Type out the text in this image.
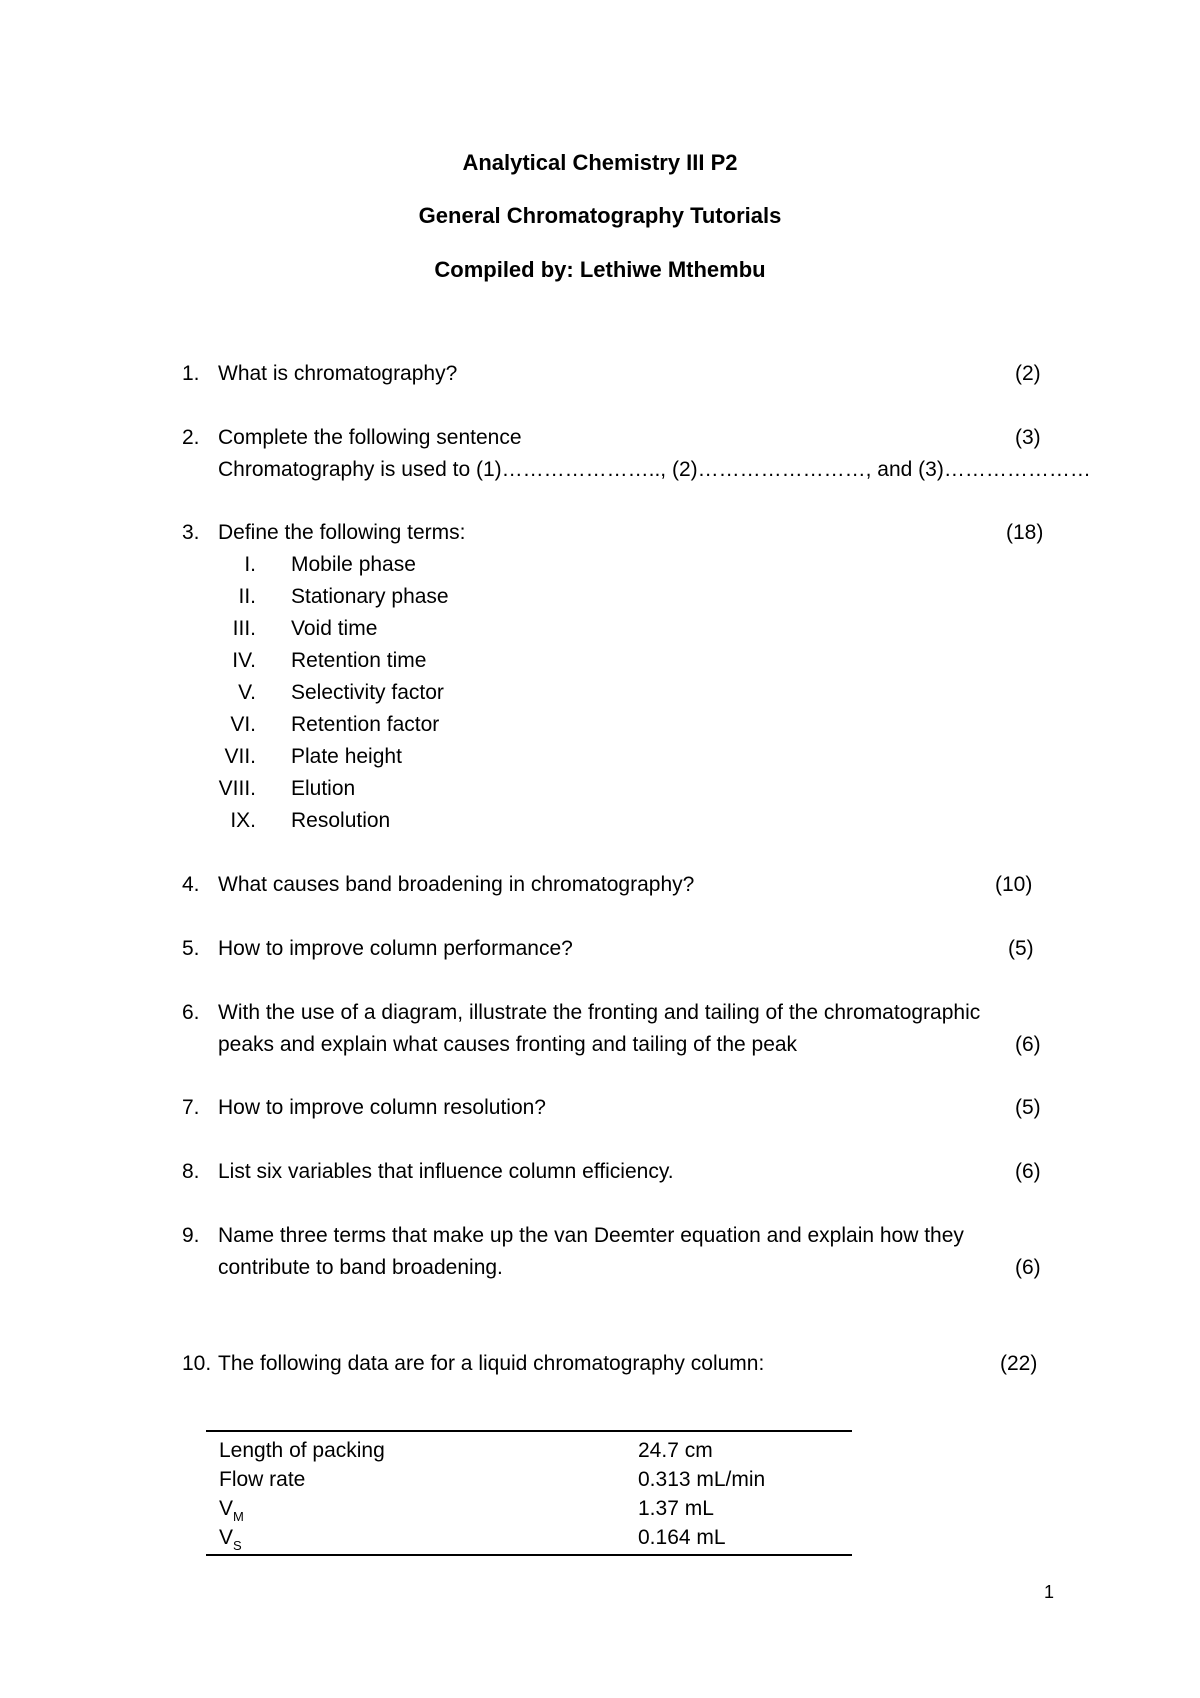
Analytical Chemistry III P2
General Chromatography Tutorials
Compiled by: Lethiwe Mthembu
1. What is chromatography?	(2)
2. Complete the following sentence	(3)
Chromatography is used to (1)………………….., (2)……………………, and (3)…………………
3. Define the following terms:	(18)
I. Mobile phase
II. Stationary phase
III. Void time
IV. Retention time
V. Selectivity factor
VI. Retention factor
VII. Plate height
VIII. Elution
IX. Resolution
4. What causes band broadening in chromatography?	(10)
5. How to improve column performance?	(5)
6. With the use of a diagram, illustrate the fronting and tailing of the chromatographic
peaks and explain what causes fronting and tailing of the peak	(6)
7. How to improve column resolution?	(5)
8. List six variables that influence column efficiency.	(6)
9. Name three terms that make up the van Deemter equation and explain how they
contribute to band broadening.	(6)
10. The following data are for a liquid chromatography column:	(22)
Length of packing	24.7 cm
Flow rate	0.313 mL/min
$V_M$	1.37 mL
$V_S$	0.164 mL
1
